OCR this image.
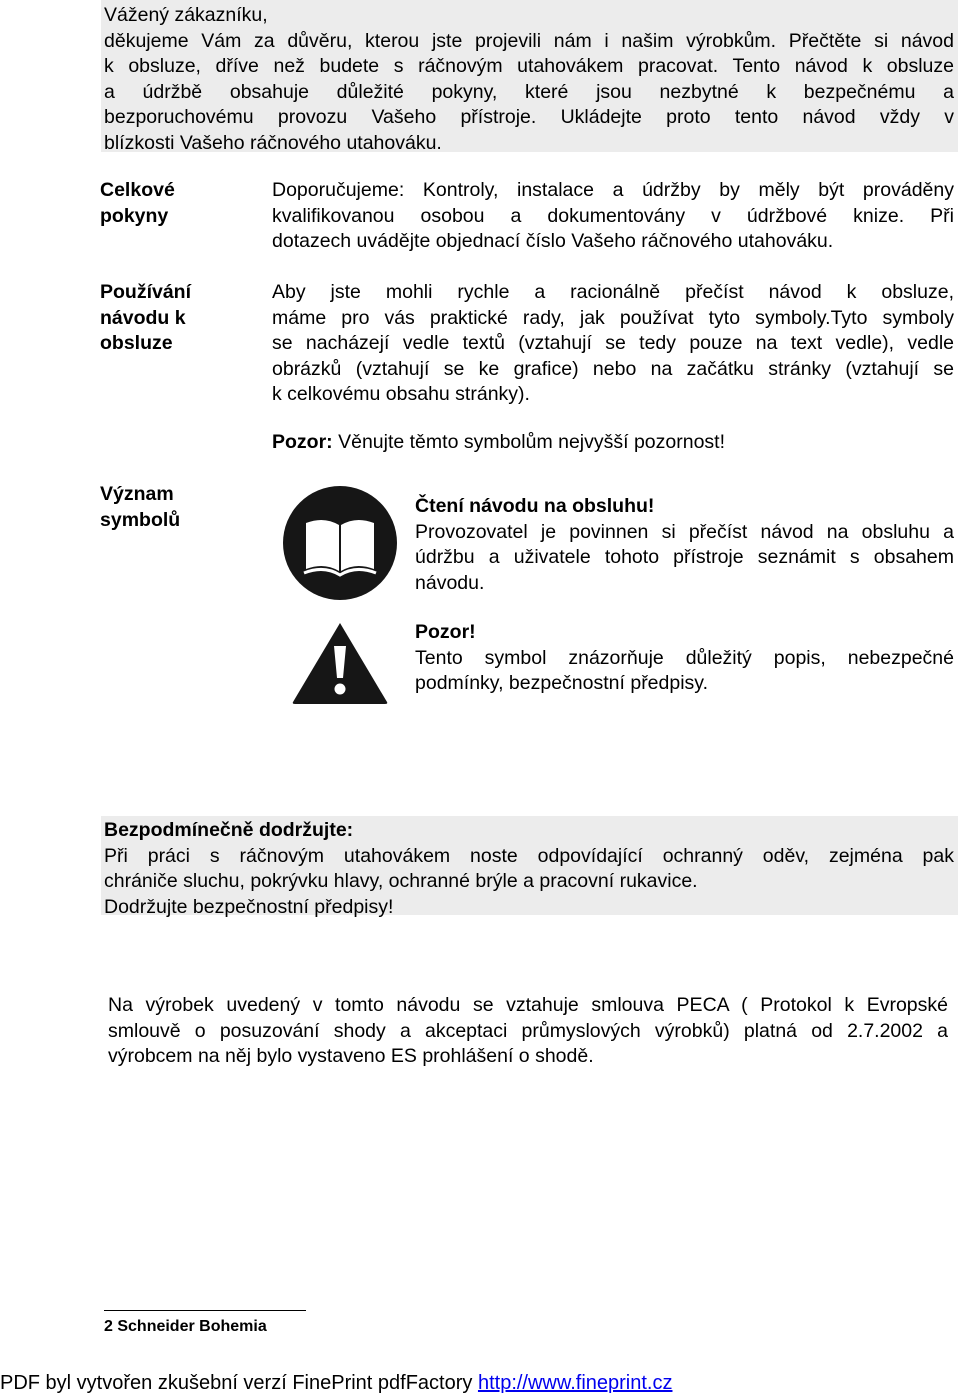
Vážený zákazníku,
děkujeme Vám za důvěru, kterou jste projevili nám i našim výrobkům. Přečtěte si návod
k obsluze, dříve než budete s ráčnovým utahovákem pracovat. Tento návod k obsluze
a údržbě obsahuje důležité pokyny, které jsou nezbytné k bezpečnému a
bezporuchovému provozu Vašeho přístroje. Ukládejte proto tento návod vždy v
blízkosti Vašeho ráčnového utahováku.
Celkové
pokyny
Doporučujeme: Kontroly, instalace a údržby by měly být prováděny
kvalifikovanou osobou a dokumentovány v údržbové knize. Při
dotazech uvádějte objednací číslo Vašeho ráčnového utahováku.
Používání
návodu k
obsluze
Aby jste mohli rychle a racionálně přečíst návod k obsluze,
máme pro vás praktické rady, jak používat tyto symboly.Tyto symboly
se nacházejí vedle textů (vztahují se tedy pouze na text vedle), vedle
obrázků (vztahují se ke grafice) nebo na začátku stránky (vztahují se
k celkovému obsahu stránky).
Pozor: Věnujte těmto symbolům nejvyšší pozornost!
Význam
symbolů
Čtení návodu na obsluhu!
Provozovatel je povinnen si přečíst návod na obsluhu a
údržbu a uživatele tohoto přístroje seznámit s obsahem
návodu.
Pozor!
Tento symbol znázorňuje důležitý popis, nebezpečné
podmínky, bezpečnostní předpisy.
Bezpodmínečně dodržujte:
Při práci s ráčnovým utahovákem noste odpovídající ochranný oděv, zejména pak
chrániče sluchu, pokrývku hlavy, ochranné brýle a pracovní rukavice.
Dodržujte bezpečnostní předpisy!
Na výrobek uvedený v tomto návodu se vztahuje smlouva PECA ( Protokol k Evropské
smlouvě o posuzování shody a akceptaci průmyslových výrobků) platná od 2.7.2002 a
výrobcem na něj bylo vystaveno ES prohlášení o shodě.
2 Schneider Bohemia
PDF byl vytvořen zkušební verzí FinePrint pdfFactory http://www.fineprint.cz
